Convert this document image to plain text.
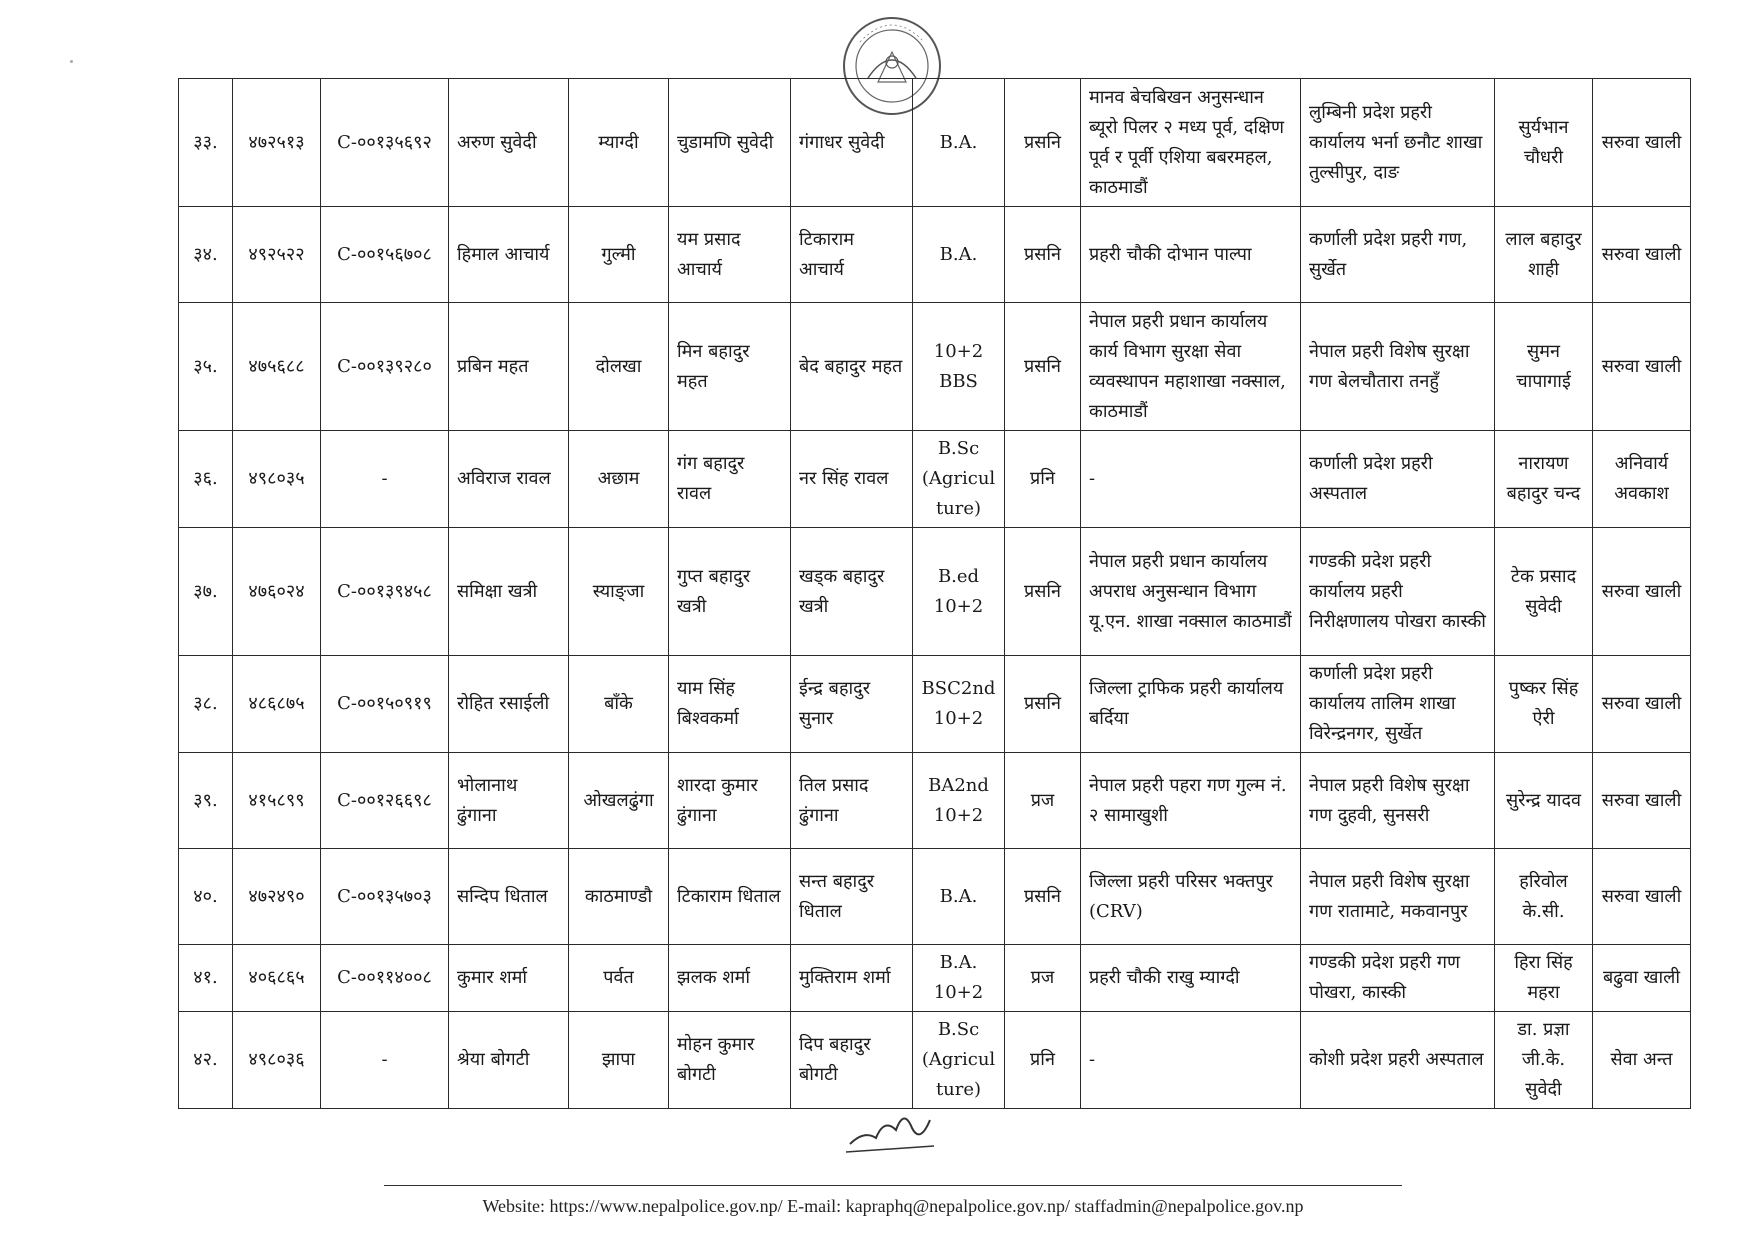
३३.	४७२५१३	C-००१३५६९२	अरुण सुवेदी	म्याग्दी	चुडामणि सुवेदी	गंगाधर सुवेदी	B.A.	प्रसनि	मानव बेचबिखन अनुसन्धान ब्यूरो पिलर २ मध्य पूर्व, दक्षिण पूर्व र पूर्वी एशिया बबरमहल, काठमाडौं	लुम्बिनी प्रदेश प्रहरी कार्यालय भर्ना छनौट शाखा तुल्सीपुर, दाङ	सुर्यभान चौधरी	सरुवा खाली
३४.	४९२५२२	C-००१५६७०८	हिमाल आचार्य	गुल्मी	यम प्रसाद आचार्य	टिकाराम आचार्य	B.A.	प्रसनि	प्रहरी चौकी दोभान पाल्पा	कर्णाली प्रदेश प्रहरी गण, सुर्खेत	लाल बहादुर शाही	सरुवा खाली
३५.	४७५६८८	C-००१३९२८०	प्रबिन महत	दोलखा	मिन बहादुर महत	बेद बहादुर महत	10+2 BBS	प्रसनि	नेपाल प्रहरी प्रधान कार्यालय कार्य विभाग सुरक्षा सेवा व्यवस्थापन महाशाखा नक्साल, काठमाडौं	नेपाल प्रहरी विशेष सुरक्षा गण बेलचौतारा तनहुँ	सुमन चापागाई	सरुवा खाली
३६.	४९८०३५	-	अविराज रावल	अछाम	गंग बहादुर रावल	नर सिंह रावल	B.Sc (Agriculture)	प्रनि	-	कर्णाली प्रदेश प्रहरी अस्पताल	नारायण बहादुर चन्द	अनिवार्य अवकाश
३७.	४७६०२४	C-००१३९४५८	समिक्षा खत्री	स्याङ्जा	गुप्त बहादुर खत्री	खड्क बहादुर खत्री	B.ed 10+2	प्रसनि	नेपाल प्रहरी प्रधान कार्यालय अपराध अनुसन्धान विभाग यू.एन. शाखा नक्साल काठमाडौं	गण्डकी प्रदेश प्रहरी कार्यालय प्रहरी निरीक्षणालय पोखरा कास्की	टेक प्रसाद सुवेदी	सरुवा खाली
३८.	४८६८७५	C-००१५०९१९	रोहित रसाईली	बाँके	याम सिंह बिश्वकर्मा	ईन्द्र बहादुर सुनार	BSC2nd 10+2	प्रसनि	जिल्ला ट्राफिक प्रहरी कार्यालय बर्दिया	कर्णाली प्रदेश प्रहरी कार्यालय तालिम शाखा विरेन्द्रनगर, सुर्खेत	पुष्कर सिंह ऐरी	सरुवा खाली
३९.	४१५८९९	C-००१२६६९८	भोलानाथ ढुंगाना	ओखलढुंगा	शारदा कुमार ढुंगाना	तिल प्रसाद ढुंगाना	BA2nd 10+2	प्रज	नेपाल प्रहरी पहरा गण गुल्म नं. २ सामाखुशी	नेपाल प्रहरी विशेष सुरक्षा गण दुहवी, सुनसरी	सुरेन्द्र यादव	सरुवा खाली
४०.	४७२४९०	C-००१३५७०३	सन्दिप धिताल	काठमाण्डौ	टिकाराम धिताल	सन्त बहादुर धिताल	B.A.	प्रसनि	जिल्ला प्रहरी परिसर भक्तपुर (CRV)	नेपाल प्रहरी विशेष सुरक्षा गण रातामाटे, मकवानपुर	हरिवोल के.सी.	सरुवा खाली
४१.	४०६८६५	C-००११४००८	कुमार शर्मा	पर्वत	झलक शर्मा	मुक्तिराम शर्मा	B.A. 10+2	प्रज	प्रहरी चौकी राखु म्याग्दी	गण्डकी प्रदेश प्रहरी गण पोखरा, कास्की	हिरा सिंह महरा	बढुवा खाली
४२.	४९८०३६	-	श्रेया बोगटी	झापा	मोहन कुमार बोगटी	दिप बहादुर बोगटी	B.Sc (Agriculture)	प्रनि	-	कोशी प्रदेश प्रहरी अस्पताल	डा. प्रज्ञा जी.के. सुवेदी	सेवा अन्त
Website: https://www.nepalpolice.gov.np/ E-mail: kapraphq@nepalpolice.gov.np/ staffadmin@nepalpolice.gov.np
